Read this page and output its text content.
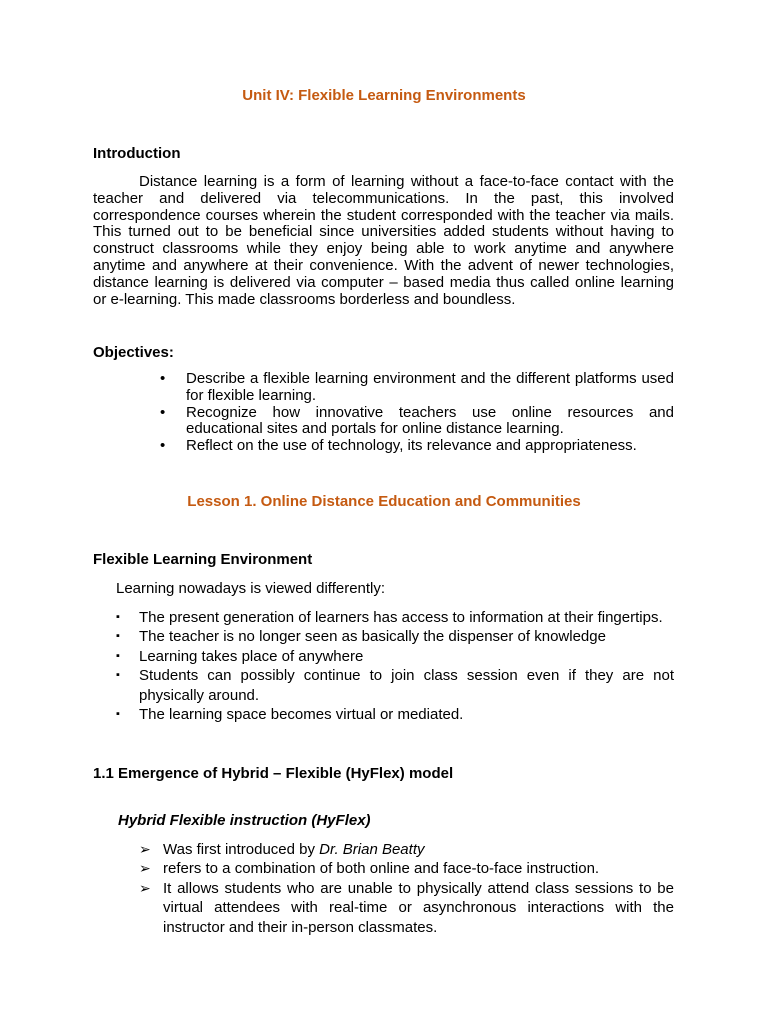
Unit IV: Flexible Learning Environments
Introduction

Distance learning is a form of learning without a face-to-face contact with the teacher and delivered via telecommunications. In the past, this involved correspondence courses wherein the student corresponded with the teacher via mails. This turned out to be beneficial since universities added students without having to construct classrooms while they enjoy being able to work anytime and anywhere anytime and anywhere at their convenience. With the advent of newer technologies, distance learning is delivered via computer – based media thus called online learning or e-learning. This made classrooms borderless and boundless.

Objectives:
• Describe a flexible learning environment and the different platforms used for flexible learning.
• Recognize how innovative teachers use online resources and educational sites and portals for online distance learning.
• Reflect on the use of technology, its relevance and appropriateness.
Lesson 1. Online Distance Education and Communities
Flexible Learning Environment

Learning nowadays is viewed differently:

▪ The present generation of learners has access to information at their fingertips.
▪ The teacher is no longer seen as basically the dispenser of knowledge
▪ Learning takes place of anywhere
▪ Students can possibly continue to join class session even if they are not physically around.
▪ The learning space becomes virtual or mediated.
1.1 Emergence of Hybrid – Flexible (HyFlex) model
Hybrid Flexible instruction (HyFlex)
➢ Was first introduced by Dr. Brian Beatty
➢ refers to a combination of both online and face-to-face instruction.
➢ It allows students who are unable to physically attend class sessions to be virtual attendees with real-time or asynchronous interactions with the instructor and their in-person classmates.
